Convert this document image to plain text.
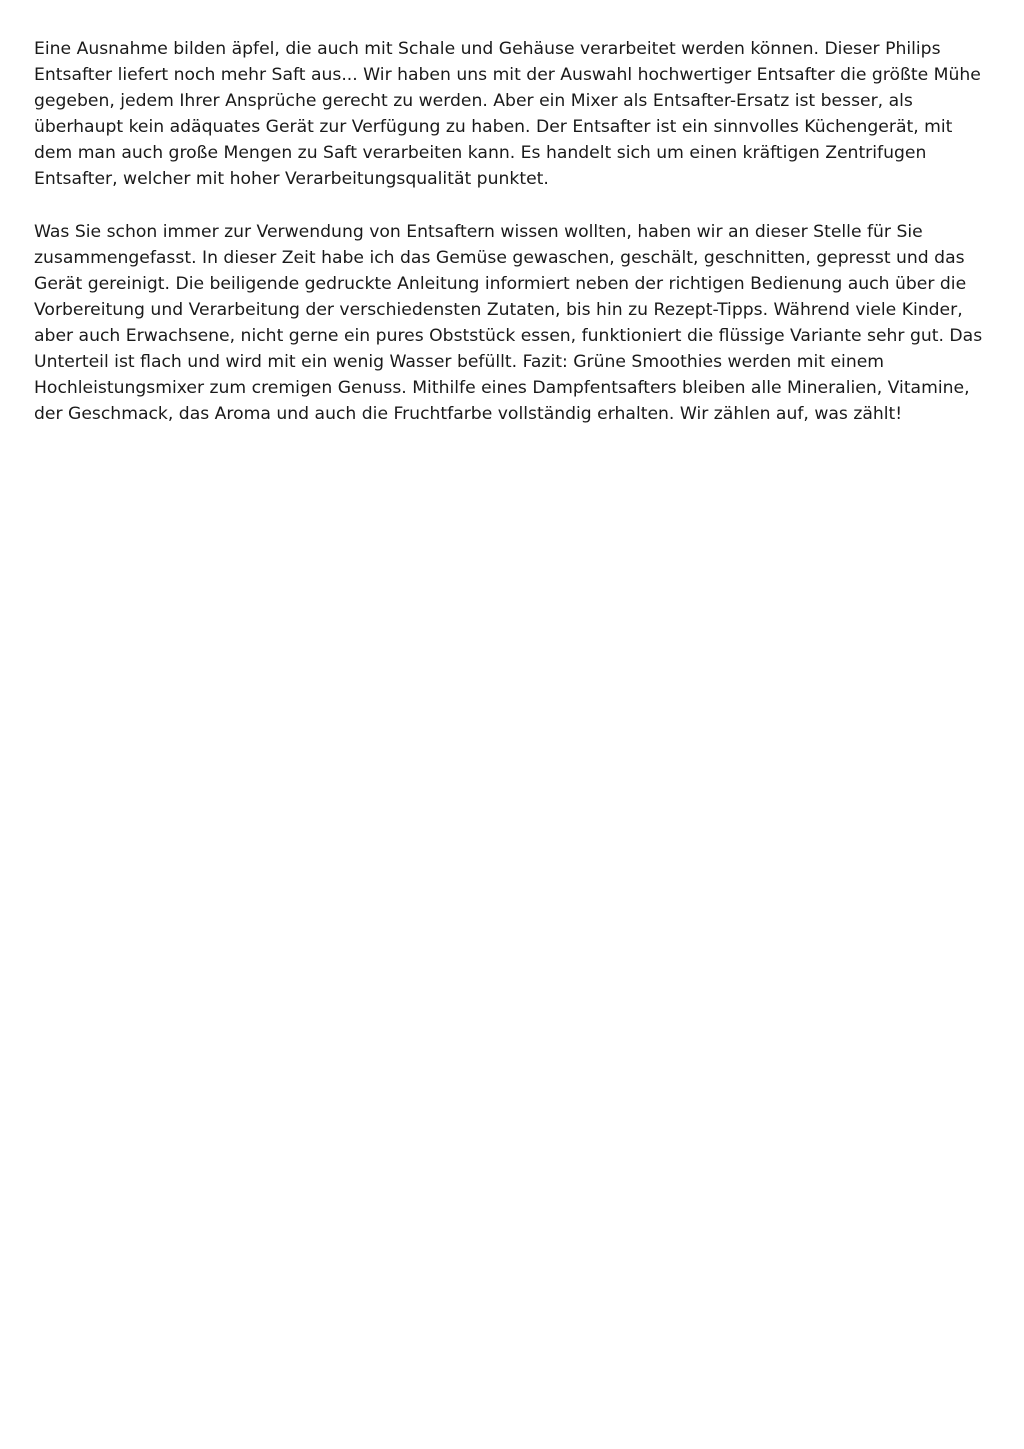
Eine Ausnahme bilden äpfel, die auch mit Schale und Gehäuse verarbeitet werden können. Dieser Philips Entsafter liefert noch mehr Saft aus... Wir haben uns mit der Auswahl hochwertiger Entsafter die größte Mühe gegeben, jedem Ihrer Ansprüche gerecht zu werden. Aber ein Mixer als Entsafter-Ersatz ist besser, als überhaupt kein adäquates Gerät zur Verfügung zu haben. Der Entsafter ist ein sinnvolles Küchengerät, mit dem man auch große Mengen zu Saft verarbeiten kann. Es handelt sich um einen kräftigen Zentrifugen Entsafter, welcher mit hoher Verarbeitungsqualität punktet.

Was Sie schon immer zur Verwendung von Entsaftern wissen wollten, haben wir an dieser Stelle für Sie zusammengefasst. In dieser Zeit habe ich das Gemüse gewaschen, geschält, geschnitten, gepresst und das Gerät gereinigt. Die beiligende gedruckte Anleitung informiert neben der richtigen Bedienung auch über die Vorbereitung und Verarbeitung der verschiedensten Zutaten, bis hin zu Rezept-Tipps. Während viele Kinder, aber auch Erwachsene, nicht gerne ein pures Obststück essen, funktioniert die flüssige Variante sehr gut. Das Unterteil ist flach und wird mit ein wenig Wasser befüllt. Fazit: Grüne Smoothies werden mit einem Hochleistungsmixer zum cremigen Genuss. Mithilfe eines Dampfentsafters bleiben alle Mineralien, Vitamine, der Geschmack, das Aroma und auch die Fruchtfarbe vollständig erhalten. Wir zählen auf, was zählt!
